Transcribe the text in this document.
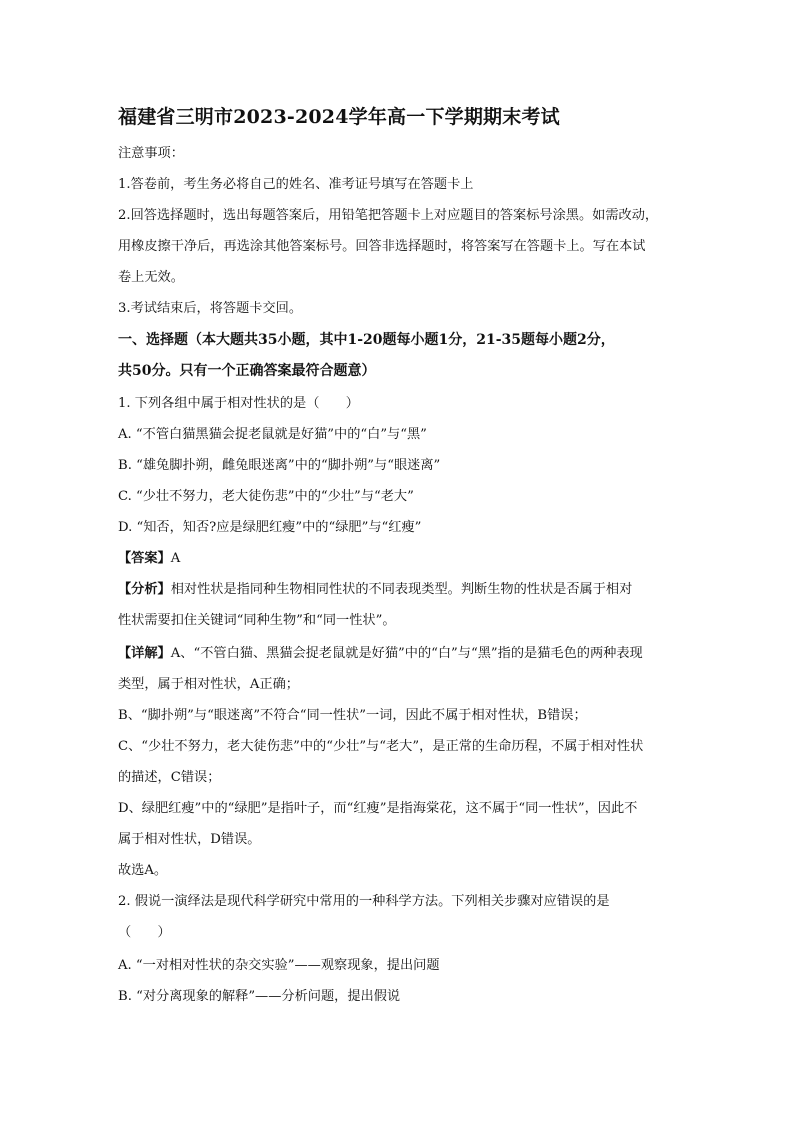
福建省三明市2023-2024学年高一下学期期末考试
注意事项：
1.答卷前，考生务必将自己的姓名、准考证号填写在答题卡上
2.回答选择题时，选出每题答案后，用铅笔把答题卡上对应题目的答案标号涂黑。如需改动，
用橡皮擦干净后，再选涂其他答案标号。回答非选择题时，将答案写在答题卡上。写在本试
卷上无效。
3.考试结束后，将答题卡交回。
一、选择题（本大题共35小题，其中1-20题每小题1分，21-35题每小题2分，
共50分。只有一个正确答案最符合题意）
1. 下列各组中属于相对性状的是（　　）
A. “不管白猫黑猫会捉老鼠就是好猫”中的“白”与“黑”
B. “雄兔脚扑朔，雌兔眼迷离”中的“脚扑朔”与“眼迷离”
C. “少壮不努力，老大徒伤悲”中的“少壮”与“老大”
D. “知否，知否?应是绿肥红瘦”中的“绿肥”与“红瘦”
【答案】A
【分析】相对性状是指同种生物相同性状的不同表现类型。判断生物的性状是否属于相对
性状需要扣住关键词“同种生物”和“同一性状”。
【详解】A、“不管白猫、黑猫会捉老鼠就是好猫”中的“白”与“黑”指的是猫毛色的两种表现
类型，属于相对性状，A正确；
B、“脚扑朔”与“眼迷离”不符合“同一性状”一词，因此不属于相对性状，B错误；
C、“少壮不努力，老大徒伤悲”中的“少壮”与“老大”，是正常的生命历程，不属于相对性状
的描述，C错误；
D、绿肥红瘦”中的“绿肥”是指叶子，而“红瘦”是指海棠花，这不属于“同一性状”，因此不
属于相对性状，D错误。
故选A。
2. 假说一演绎法是现代科学研究中常用的一种科学方法。下列相关步骤对应错误的是
（　　）
A. “一对相对性状的杂交实验”——观察现象，提出问题
B. “对分离现象的解释”——分析问题，提出假说
